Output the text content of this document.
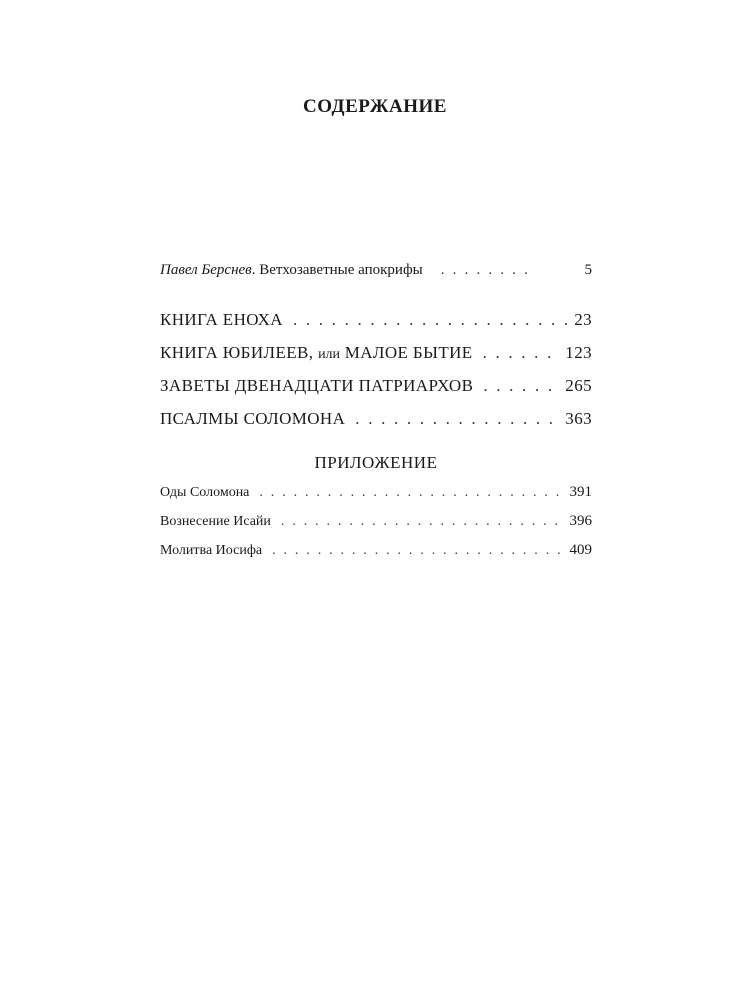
СОДЕРЖАНИЕ
Павел Берснев. Ветхозаветные апокрифы . . .	5
КНИГА ЕНОХА . . .	23
КНИГА ЮБИЛЕЕВ, или МАЛОЕ БЫТИЕ . . .	123
ЗАВЕТЫ ДВЕНАДЦАТИ ПАТРИАРХОВ . . .	265
ПСАЛМЫ СОЛОМОНА . . .	363
Оды Соломона . . .	391
Вознесение Исайи . . .	396
Молитва Иосифа . . .	409
ПРИЛОЖЕНИЕ
